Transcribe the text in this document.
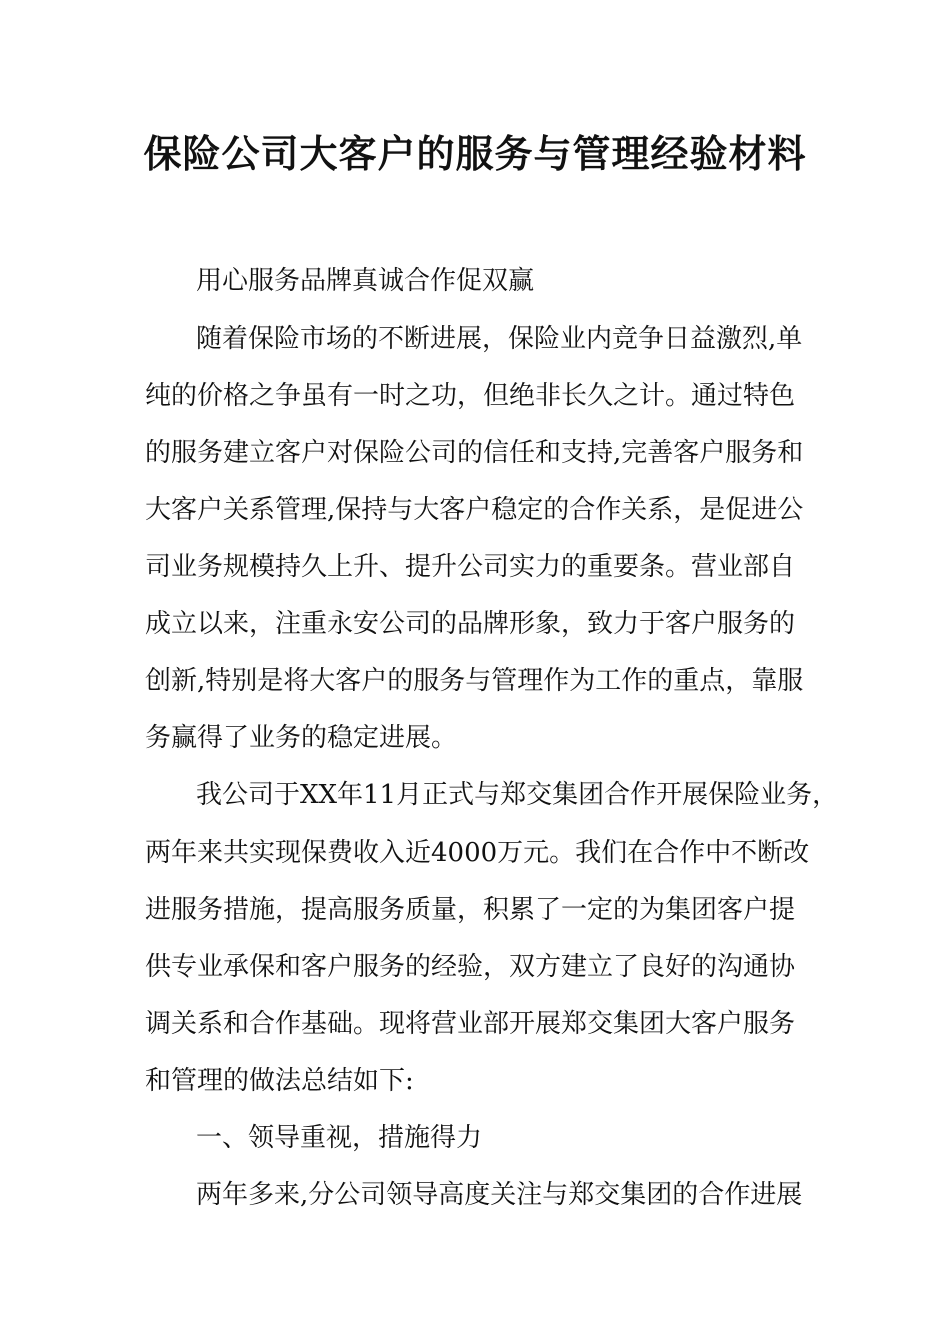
保险公司大客户的服务与管理经验材料
用心服务品牌真诚合作促双赢
随着保险市场的不断进展，保险业内竞争日益激烈,单
纯的价格之争虽有一时之功，但绝非长久之计。通过特色
的服务建立客户对保险公司的信任和支持,完善客户服务和
大客户关系管理,保持与大客户稳定的合作关系，是促进公
司业务规模持久上升、提升公司实力的重要条。营业部自
成立以来，注重永安公司的品牌形象，致力于客户服务的
创新,特别是将大客户的服务与管理作为工作的重点，靠服
务赢得了业务的稳定进展。
我公司于XX年11月正式与郑交集团合作开展保险业务，
两年来共实现保费收入近4000万元。我们在合作中不断改
进服务措施，提高服务质量，积累了一定的为集团客户提
供专业承保和客户服务的经验，双方建立了良好的沟通协
调关系和合作基础。现将营业部开展郑交集团大客户服务
和管理的做法总结如下:
一、领导重视，措施得力
两年多来,分公司领导高度关注与郑交集团的合作进展
